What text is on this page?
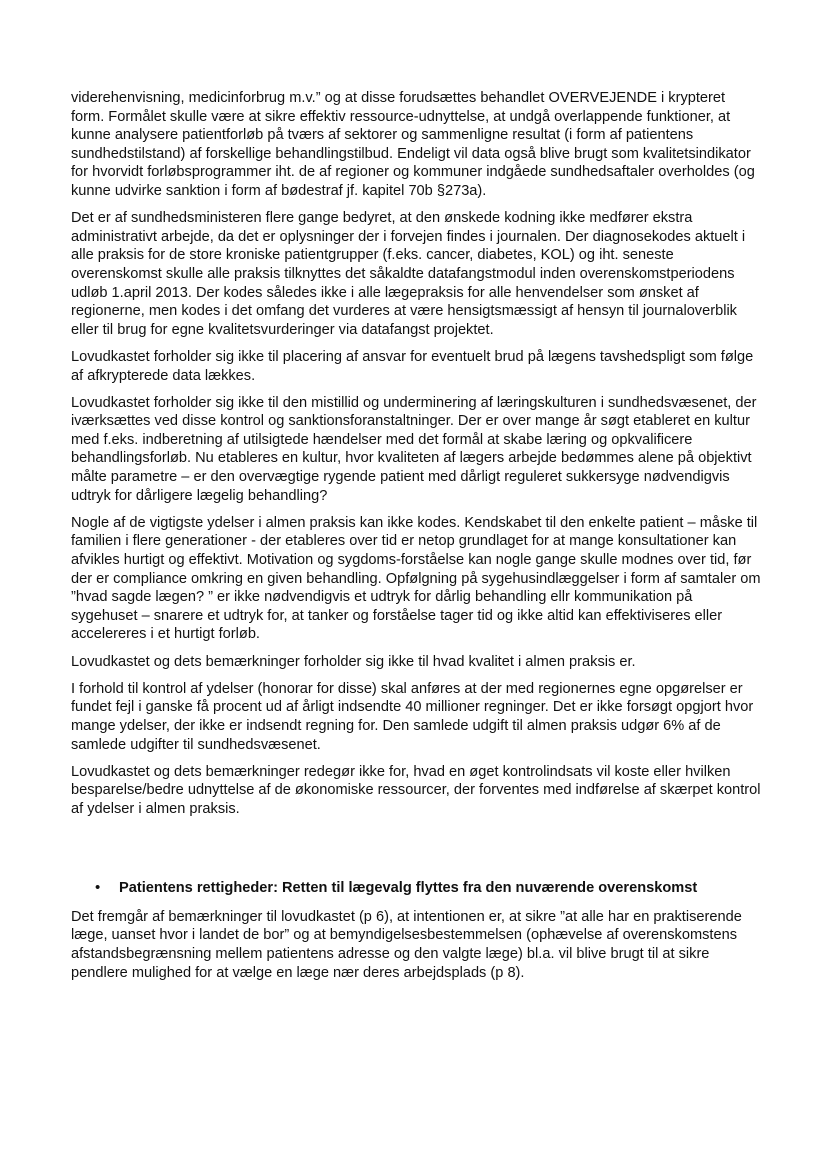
viderehenvisning, medicinforbrug m.v.” og at disse forudsættes behandlet OVERVEJENDE i krypteret form. Formålet skulle være at sikre effektiv ressource-udnyttelse, at undgå overlappende funktioner, at kunne analysere patientforløb på tværs af sektorer og sammenligne resultat (i form af patientens sundhedstilstand) af forskellige behandlingstilbud. Endeligt vil data også blive brugt som kvalitetsindikator for hvorvidt forløbsprogrammer iht. de af regioner og kommuner indgåede sundhedsaftaler overholdes (og kunne udvirke sanktion i form af bødestraf jf. kapitel 70b §273a).

Det er af sundhedsministeren flere gange bedyret, at den ønskede kodning ikke medfører ekstra administrativt arbejde, da det er oplysninger der i forvejen findes i journalen. Der diagnosekodes aktuelt i alle praksis for de store kroniske patientgrupper (f.eks. cancer, diabetes, KOL) og iht. seneste overenskomst skulle alle praksis tilknyttes det såkaldte datafangstmodul inden overenskomstperiodens udløb 1.april 2013. Der kodes således ikke i alle lægepraksis for alle henvendelser som ønsket af regionerne, men kodes i det omfang det vurderes at være hensigtsmæssigt af hensyn til journaloverblik eller til brug for egne kvalitetsvurderinger via datafangst projektet.

Lovudkastet forholder sig ikke til placering af ansvar for eventuelt brud på lægens tavshedspligt som følge af afkrypterede data lækkes.

Lovudkastet forholder sig ikke til den mistillid og underminering af læringskulturen i sundhedsvæsenet, der iværksættes ved disse kontrol og sanktionsforanstaltninger. Der er over mange år søgt etableret en kultur med f.eks. indberetning af utilsigtede hændelser med det formål at skabe læring og opkvalificere behandlingsforløb. Nu etableres en kultur, hvor kvaliteten af lægers arbejde bedømmes alene på objektivt målte parametre – er den overvægtige rygende patient med dårligt reguleret sukkersyge nødvendigvis udtryk for dårligere lægelig behandling?

Nogle af de vigtigste ydelser i almen praksis kan ikke kodes. Kendskabet til den enkelte patient – måske til familien i flere generationer - der etableres over tid er netop grundlaget for at mange konsultationer kan afvikles hurtigt og effektivt. Motivation og sygdoms-forståelse kan nogle gange skulle modnes over tid, før der er compliance omkring en given behandling. Opfølgning på sygehusindlæggelser i form af samtaler om ”hvad sagde lægen? ” er ikke nødvendigvis et udtryk for dårlig behandling ellr kommunikation på sygehuset – snarere et udtryk for, at tanker og forståelse tager tid og ikke altid kan effektiviseres eller accelereres i et hurtigt forløb.

Lovudkastet og dets bemærkninger forholder sig ikke til hvad kvalitet i almen praksis er.

I forhold til kontrol af ydelser (honorar for disse) skal anføres at der med regionernes egne opgørelser er fundet fejl i ganske få procent ud af årligt indsendte 40 millioner regninger. Det er ikke forsøgt opgjort hvor mange ydelser, der ikke er indsendt regning for. Den samlede udgift til almen praksis udgør 6% af de samlede udgifter til sundhedsvæsenet.

Lovudkastet og dets bemærkninger redegør ikke for, hvad en øget kontrolindsats vil koste eller hvilken besparelse/bedre udnyttelse af de økonomiske ressourcer, der forventes med indførelse af skærpet kontrol af ydelser i almen praksis.

•	Patientens rettigheder: Retten til lægevalg flyttes fra den nuværende overenskomst

Det fremgår af bemærkninger til lovudkastet (p 6), at intentionen er, at sikre ”at alle har en praktiserende læge, uanset hvor i landet de bor” og at bemyndigelsesbestemmelsen (ophævelse af overenskomstens afstandsbegrænsning mellem patientens adresse og den valgte læge) bl.a. vil blive brugt til at sikre pendlere mulighed for at vælge en læge nær deres arbejdsplads (p 8).
